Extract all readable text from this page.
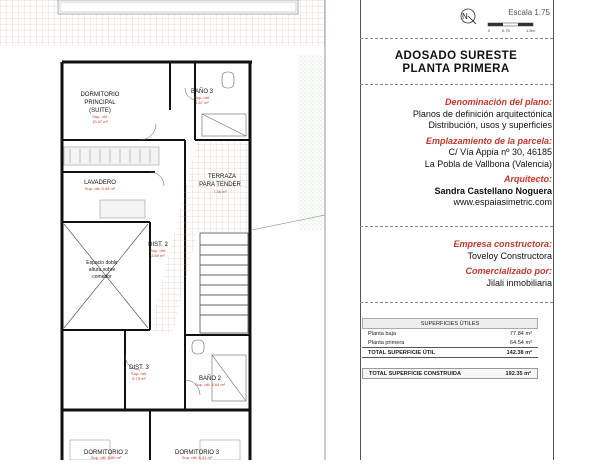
DORMITORIO
PRINCIPAL
(SUITE)
Sup. útil:
15.47 m²
BAÑO 3
Sup. útil:
4.87 m²
LAVADERO
Sup. útil: 5.44 m²
TERRAZA
PARA TENDER
7.36 m²
DIST. 2
Sup. útil:
3.89 m²
Espacio doble
altura sobre
comedor
DIST. 3
Sup. útil:
5.73 m²	BAÑO 2
Sup. útil: 4.64 m²
DORMITORIO 2
Sup. útil: 8.80 m²
DORMITORIO 3
Sup. útil: 8.41 m²
N
0	0.75	1.5m
Escala 1:75
ADOSADO SURESTE
PLANTA PRIMERA
Denominación del plano:
Planos de definición arquitectónica
Distribución, usos y superficies
Emplazamiento de la parcela:
C/ Vía Appia nº 30, 46185
La Pobla de Vallbona (Valencia)
Arquitecto:
Sandra Castellano Noguera
www.espaiasimetric.com
Empresa constructora:
Toveloy Constructora
Comercializado por:
Jilali inmobiliaria
SUPERFICIES ÚTILES
Planta baja	77.84 m²
Planta primera	64.54 m²
TOTAL SUPERFICIE ÚTIL	142.38 m²
TOTAL SUPERFICIE CONSTRUIDA	192.35 m²
